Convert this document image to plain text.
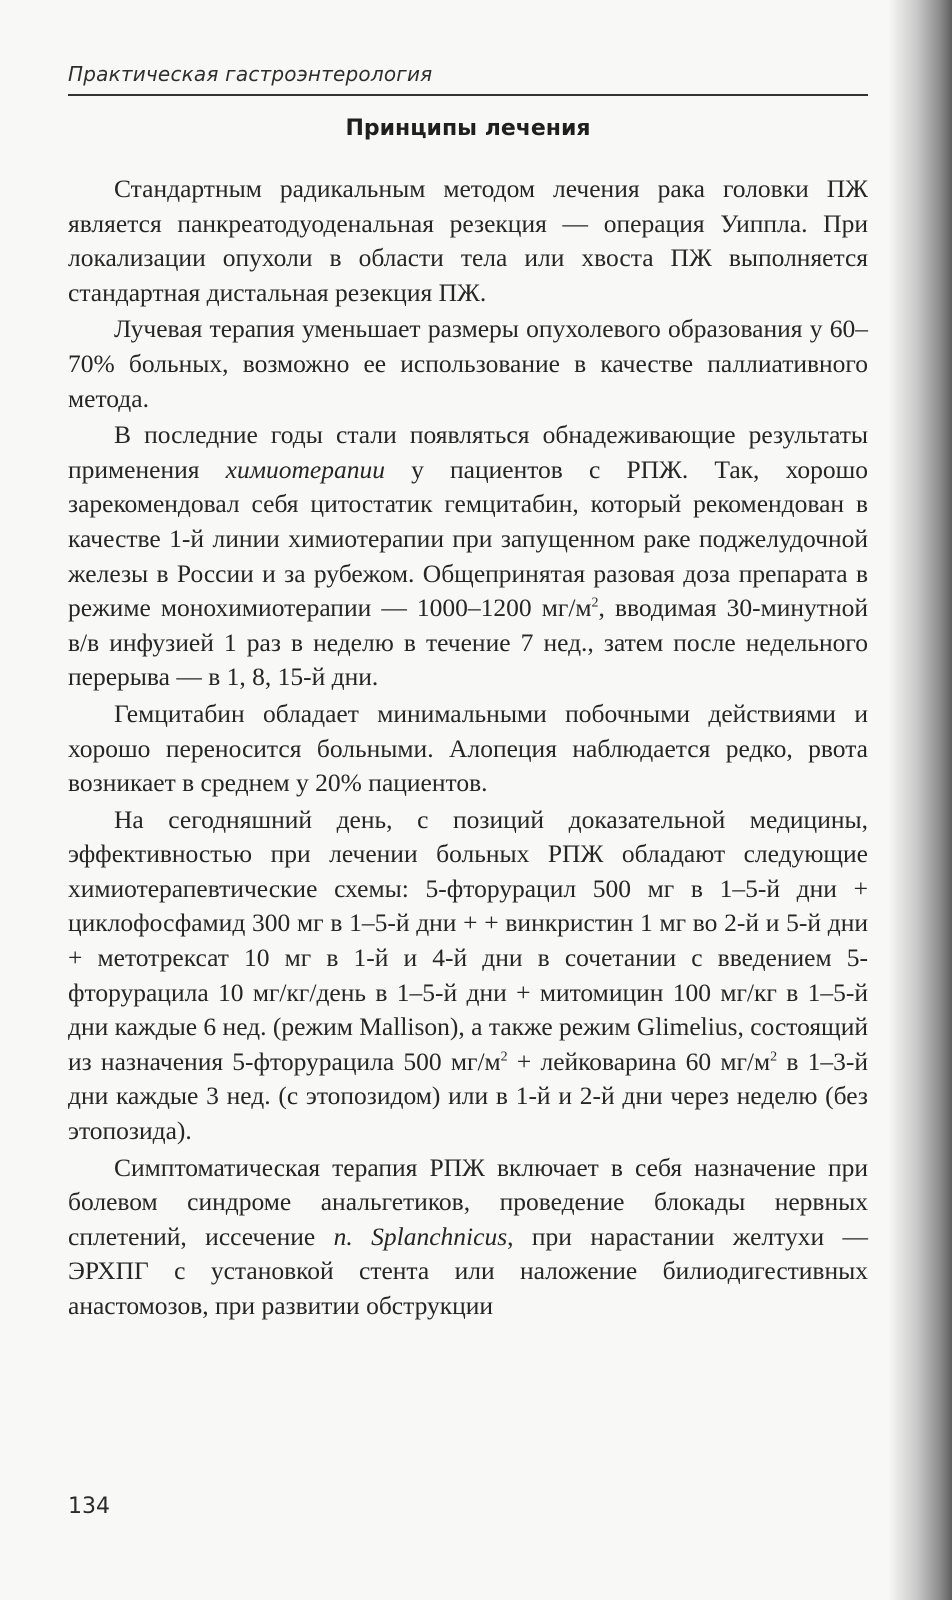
Практическая гастроэнтерология
Принципы лечения

Стандартным радикальным методом лечения рака головки ПЖ является панкреатодуоденальная резекция — операция Уиппла. При локализации опухоли в области тела или хвоста ПЖ выполняется стандартная дистальная резекция ПЖ.

Лучевая терапия уменьшает размеры опухолевого образования у 60–70% больных, возможно ее использование в качестве паллиативного метода.

В последние годы стали появляться обнадеживающие результаты применения химиотерапии у пациентов с РПЖ. Так, хорошо зарекомендовал себя цитостатик гемцитабин, который рекомендован в качестве 1-й линии химиотерапии при запущенном раке поджелудочной железы в России и за рубежом. Общепринятая разовая доза препарата в режиме монохимиотерапии — 1000–1200 $мг/м^2$, вводимая 30-минутной в/в инфузией 1 раз в неделю в течение 7 нед., затем после недельного перерыва — в 1, 8, 15-й дни.

Гемцитабин обладает минимальными побочными действиями и хорошо переносится больными. Алопеция наблюдается редко, рвота возникает в среднем у 20% пациентов.

На сегодняшний день, с позиций доказательной медицины, эффективностью при лечении больных РПЖ обладают следующие химиотерапевтические схемы: 5-фторурацил 500 мг в 1–5-й дни + циклофосфамид 300 мг в 1–5-й дни + + винкристин 1 мг во 2-й и 5-й дни + метотрексат 10 мг в 1-й и 4-й дни в сочетании с введением 5-фторурацила 10 мг/кг/день в 1–5-й дни + митомицин 100 мг/кг в 1–5-й дни каждые 6 нед. (режим Mallison), а также режим Glimelius, состоящий из назначения 5-фторурацила 500 $мг/м^2$ + лейковарина 60 $мг/м^2$ в 1–3-й дни каждые 3 нед. (с этопозидом) или в 1-й и 2-й дни через неделю (без этопозида).

Симптоматическая терапия РПЖ включает в себя назначение при болевом синдроме анальгетиков, проведение блокады нервных сплетений, иссечение n. Splanchnicus, при нарастании желтухи — ЭРХПГ с установкой стента или наложение билиодигестивных анастомозов, при развитии обструкции

134
